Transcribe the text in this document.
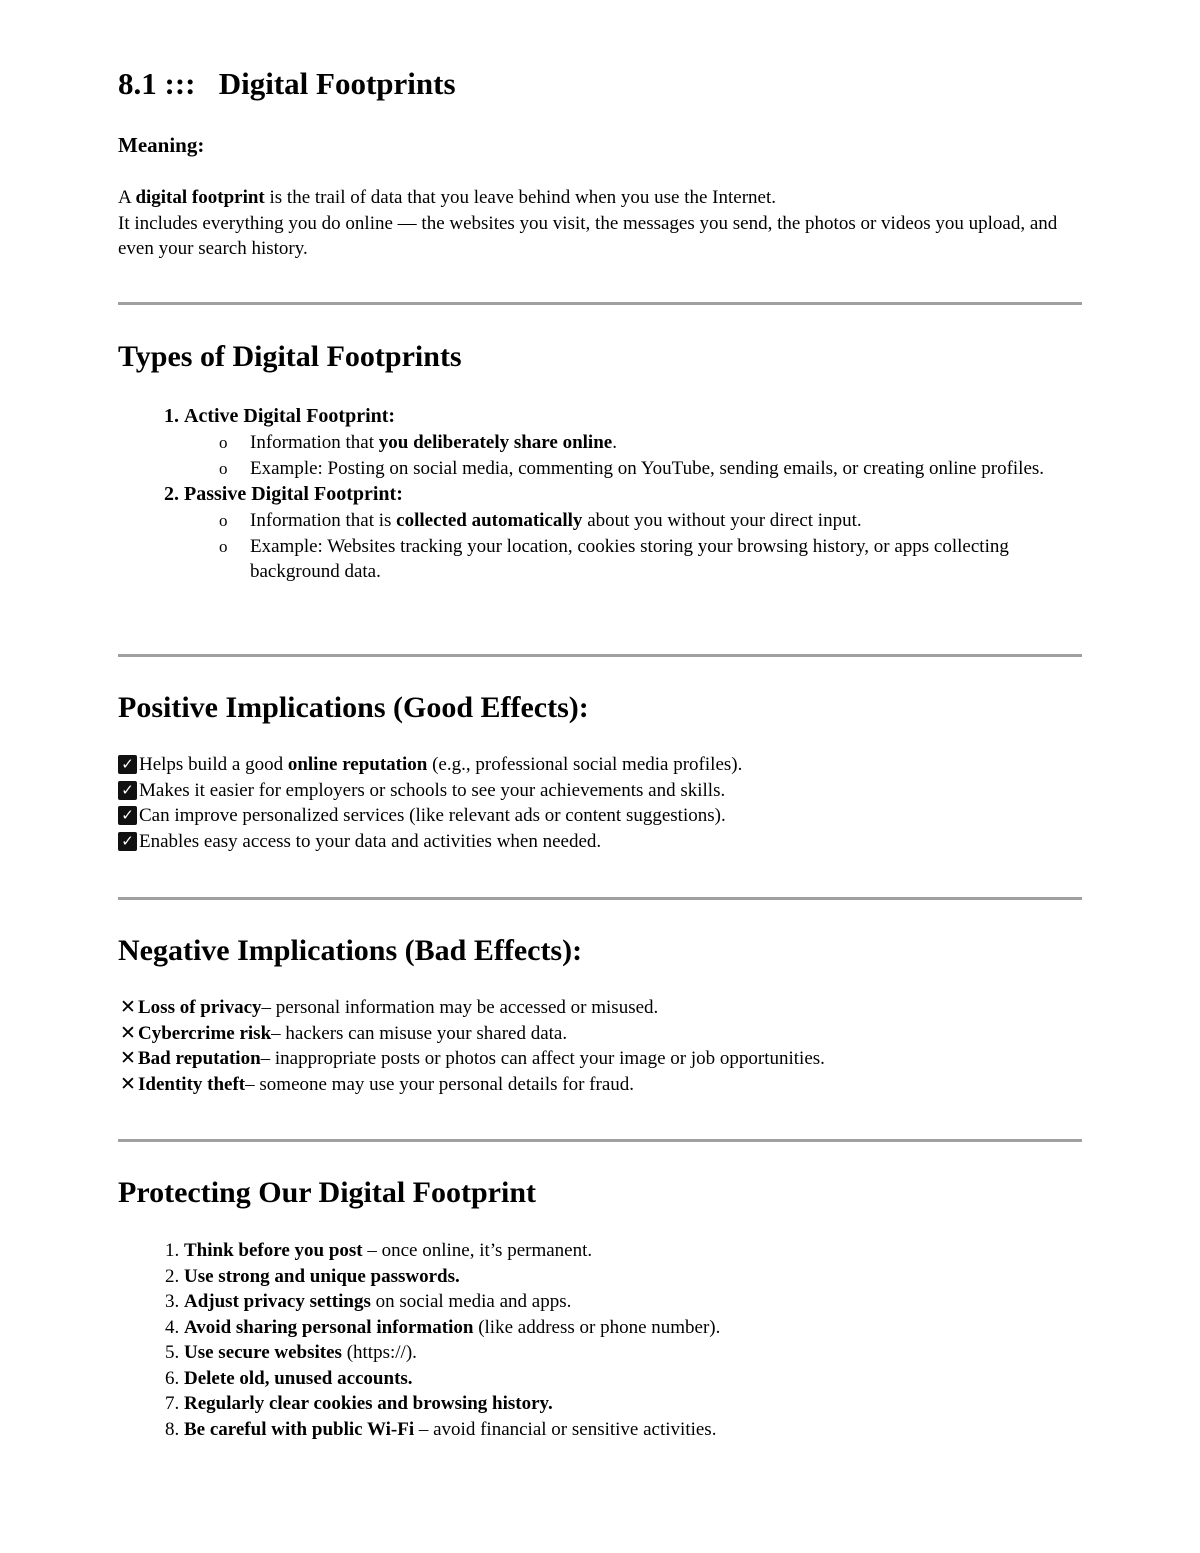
8.1 :::   Digital Footprints
Meaning:

A digital footprint is the trail of data that you leave behind when you use the Internet.

It includes everything you do online — the websites you visit, the messages you send, the photos or videos you upload, and even your search history.

Types of Digital Footprints
1. Active Digital Footprint:
o Information that you deliberately share online.
o Example: Posting on social media, commenting on YouTube, sending emails, or creating online profiles.
2. Passive Digital Footprint:
o Information that is collected automatically about you without your direct input.
o Example: Websites tracking your location, cookies storing your browsing history, or apps collecting background data.
Positive Implications (Good Effects):
✓ Helps build a good online reputation (e.g., professional social media profiles).
✓ Makes it easier for employers or schools to see your achievements and skills.
✓ Can improve personalized services (like relevant ads or content suggestions).
✓ Enables easy access to your data and activities when needed.
Negative Implications (Bad Effects):
✕ Loss of privacy – personal information may be accessed or misused.
✕ Cybercrime risk – hackers can misuse your shared data.
✕ Bad reputation – inappropriate posts or photos can affect your image or job opportunities.
✕ Identity theft – someone may use your personal details for fraud.
Protecting Our Digital Footprint
1. Think before you post – once online, it’s permanent.
2. Use strong and unique passwords.
3. Adjust privacy settings on social media and apps.
4. Avoid sharing personal information (like address or phone number).
5. Use secure websites (https://).
6. Delete old, unused accounts.
7. Regularly clear cookies and browsing history.
8. Be careful with public Wi-Fi – avoid financial or sensitive activities.
